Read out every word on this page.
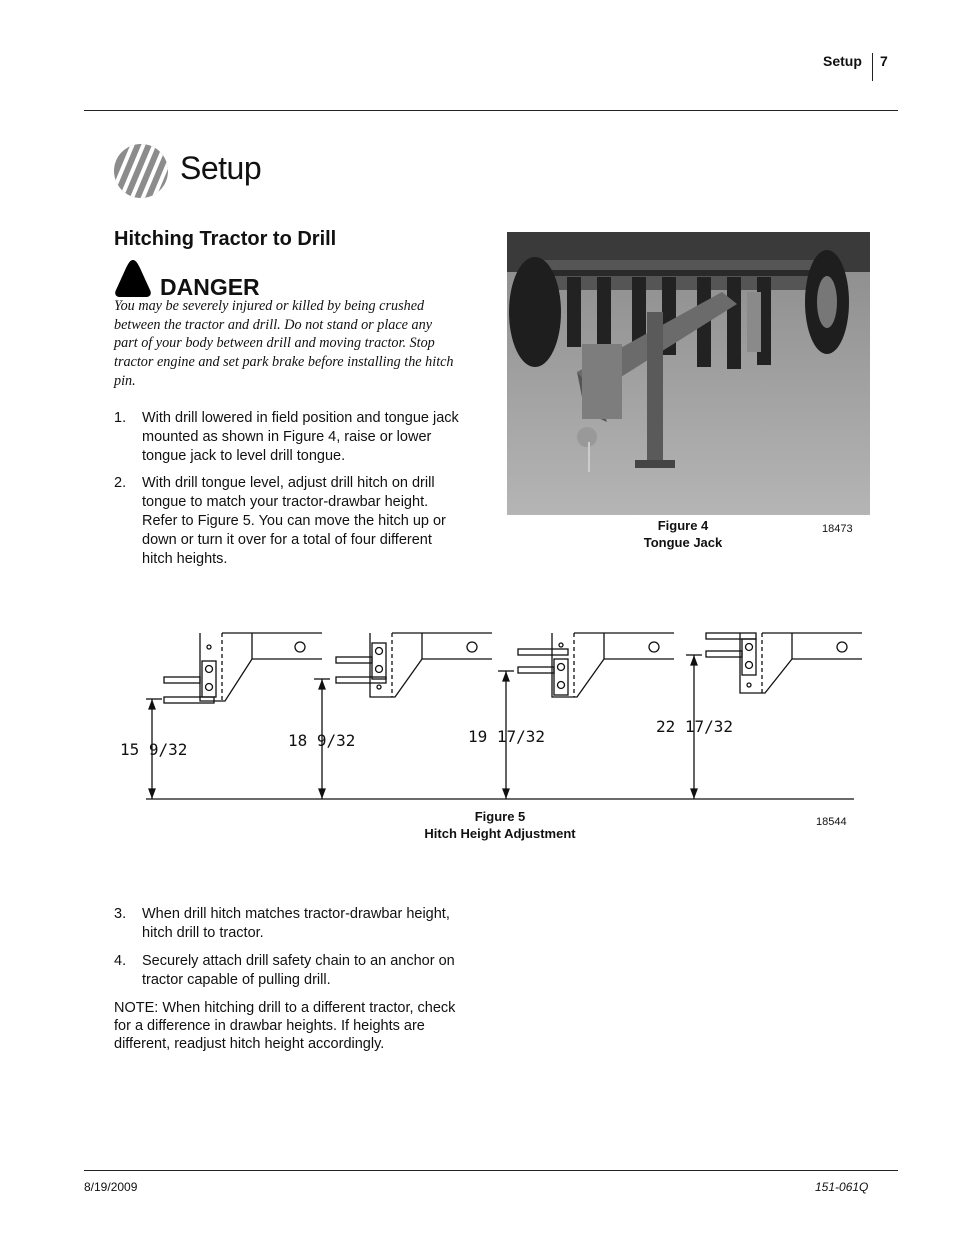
Setup 7
Setup
Hitching Tractor to Drill
DANGER
You may be severely injured or killed by being crushed between the tractor and drill. Do not stand or place any part of your body between drill and moving tractor. Stop tractor engine and set park brake before installing the hitch pin.
1. With drill lowered in field position and tongue jack mounted as shown in Figure 4, raise or lower tongue jack to level drill tongue.
2. With drill tongue level, adjust drill hitch on drill tongue to match your tractor-drawbar height. Refer to Figure 5. You can move the hitch up or down or turn it over for a total of four different hitch heights.
Figure 4
Tongue Jack
18473
15 9/32	18 9/32	19 17/32
22 17/32
Figure 5
Hitch Height Adjustment
18544
3. When drill hitch matches tractor-drawbar height, hitch drill to tractor.
4. Securely attach drill safety chain to an anchor on tractor capable of pulling drill.
NOTE: When hitching drill to a different tractor, check for a difference in drawbar heights. If heights are different, readjust hitch height accordingly.
8/19/2009	151-061Q
